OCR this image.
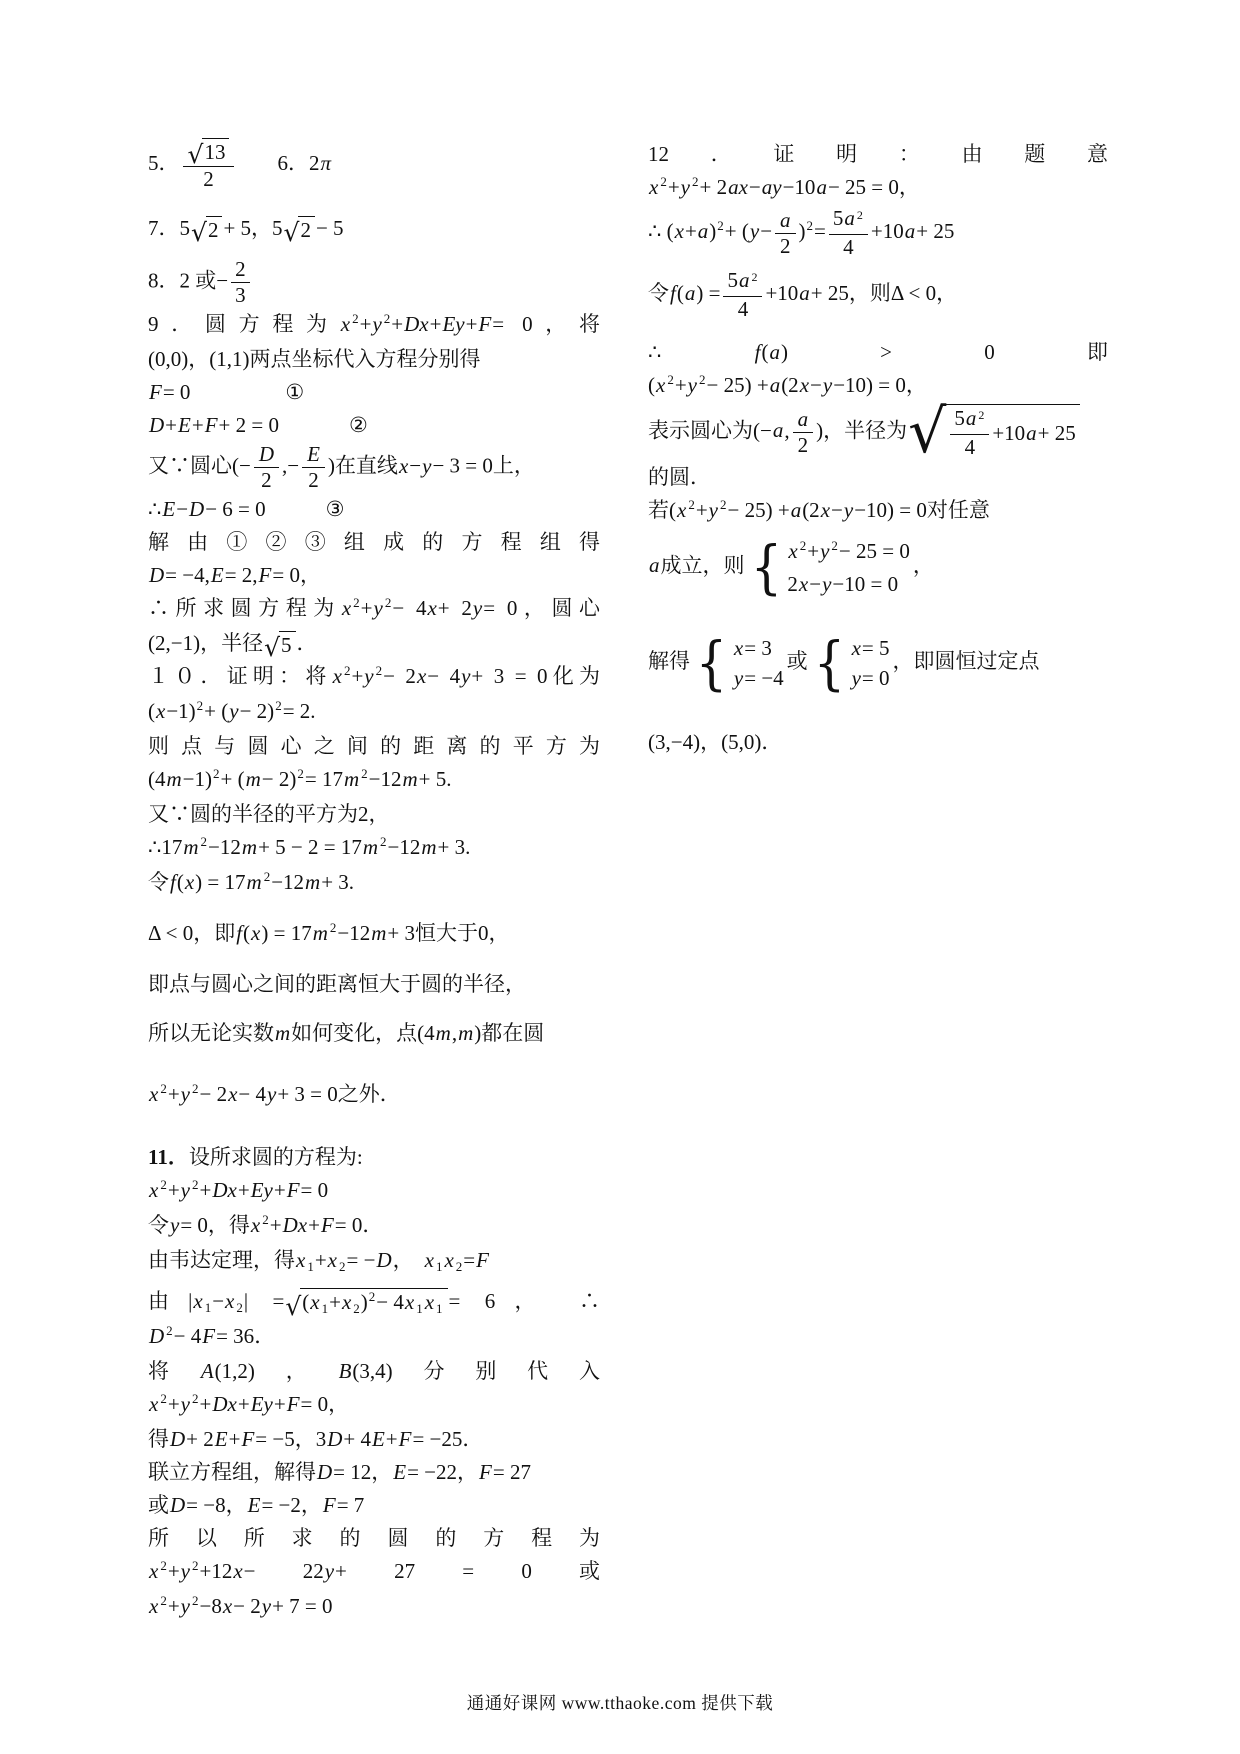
5． $\frac{√ 13}{2} 6$．2π
7．5 √ 2 + 5，5 √ 2 − 5
8．2 或− $\frac{2}{3}$
9．圆方程为x $^2$+y $^2$+Dx+Ey+F= 0，将
(0,0)，(1,1)两点坐标代入方程分别得
F= 0	①
D+E+F+ 2 = 0	②
又∵圆心(− $\frac{D}{2}$ ,− $\frac{E}{2}$ )在直线x−y− 3 = 0上，
∴E−D− 6 = 0	③
解由①②③组成的方程组得
D= −4,E= 2,F= 0，
∴所求圆方程为x $^2$+y $^2$− 4x+ 2y= 0，圆心
(2,−1)，半径 √ 5 ．
１０．证明：将x $^2$+y $^2$− 2x− 4y+ 3 = 0化为
$(x-1)^2+ (y- 2)^2= 2$.
则点与圆心之间的距离的平方为
$(4m-1)^2+ (m- 2)^2= 17m$ $^2$−12m+ 5.
又∵圆的半径的平方为2，
∴17m $^2$−12m+ 5 − 2 = 17m $^2$−12m+ 3.
令f(x) = 17m $^2$−12m+ 3.
Δ < 0，即f(x) = 17m $^2$−12m+ 3恒大于0，
即点与圆心之间的距离恒大于圆的半径，
所以无论实数m如何变化，点(4m,m)都在圆
x $^2$+y $^2$− 2x− 4y+ 3 = 0之外．
11．设所求圆的方程为:
x $^2$+y $^2$+Dx+Ey+F= 0
令y= 0，得x $^2$+Dx+F= 0．
由韦达定理，得x 1+x 2= −D， x 1x 2=F
由|x 1−x 2| = √ (x 1+x 2)$^2$− 4x 1x 1 = 6， ∴
D $^2$− 4F= 36．
将A(1,2)，B(3,4)分别代入
x $^2$+y $^2$+Dx+Ey+F= 0，
得D+ 2E+F= −5，3D+ 4E+F= −25．
联立方程组，解得D= 12，E= −22，F= 27
或D= −8，E= −2，F= 7
所以所求的圆的方程为
x $^2$+y $^2$+12x− 22y+ 27 = 0 或
x $^2$+y $^2$−8x− 2y+ 7 = 0
12．证明：由题意
x $^2$+y $^2$+ 2ax−ay−10a− 25 = 0，
∴ $(x+a)^2+ (y- \frac{a}{2} )^2= \frac{5a ^2}{4} +10a+ 25$
令$f(a) = \frac{5a ^2}{4} +10a+ 25$，则Δ < 0，
∴ f(a) > 0 即
(x $^2$+y $^2$− 25) +a(2x−y−10) = 0，
表示圆心为(−a, $\frac{a}{2}$ )，半径为 √ $\frac{5a ^2}{4} +10$ a + 25
的圆．
若(x $^2$+y $^2$− 25) +a(2x−y−10) = 0对任意
a成立，则 { x $^2$+y $^2$− 25 = 0
2x−y−10 = 0
，
解得 { x= 3
y= −4
或 { x= 5
y= 0
，即圆恒过定点
(3,−4)，(5,0)．
通通好课网 www.tthaoke.com 提供下载
